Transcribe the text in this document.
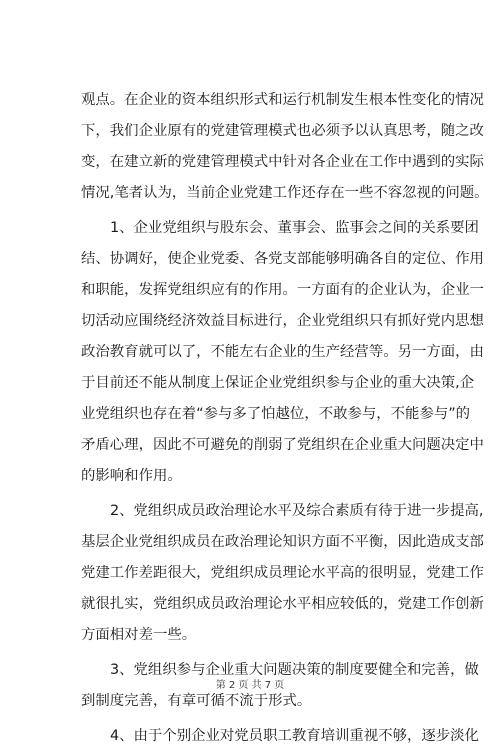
观点。在企业的资本组织形式和运行机制发生根本性变化的情况
下，我们企业原有的党建管理模式也必须予以认真思考，随之改
变，在建立新的党建管理模式中针对各企业在工作中遇到的实际
情况,笔者认为，当前企业党建工作还存在一些不容忽视的问题。
1、企业党组织与股东会、董事会、监事会之间的关系要团
结、协调好，使企业党委、各党支部能够明确各自的定位、作用
和职能，发挥党组织应有的作用。一方面有的企业认为，企业一
切活动应围绕经济效益目标进行，企业党组织只有抓好党内思想
政治教育就可以了，不能左右企业的生产经营等。另一方面，由
于目前还不能从制度上保证企业党组织参与企业的重大决策,企
业党组织也存在着“参与多了怕越位，不敢参与，不能参与”的
矛盾心理，因此不可避免的削弱了党组织在企业重大问题决定中
的影响和作用。
2、党组织成员政治理论水平及综合素质有待于进一步提高,
基层企业党组织成员在政治理论知识方面不平衡，因此造成支部
党建工作差距很大，党组织成员理论水平高的很明显，党建工作
就很扎实，党组织成员政治理论水平相应较低的，党建工作创新
方面相对差一些。
3、党组织参与企业重大问题决策的制度要健全和完善，做
到制度完善，有章可循不流于形式。
4、由于个别企业对党员职工教育培训重视不够，逐步淡化
第 2 页 共 7 页
